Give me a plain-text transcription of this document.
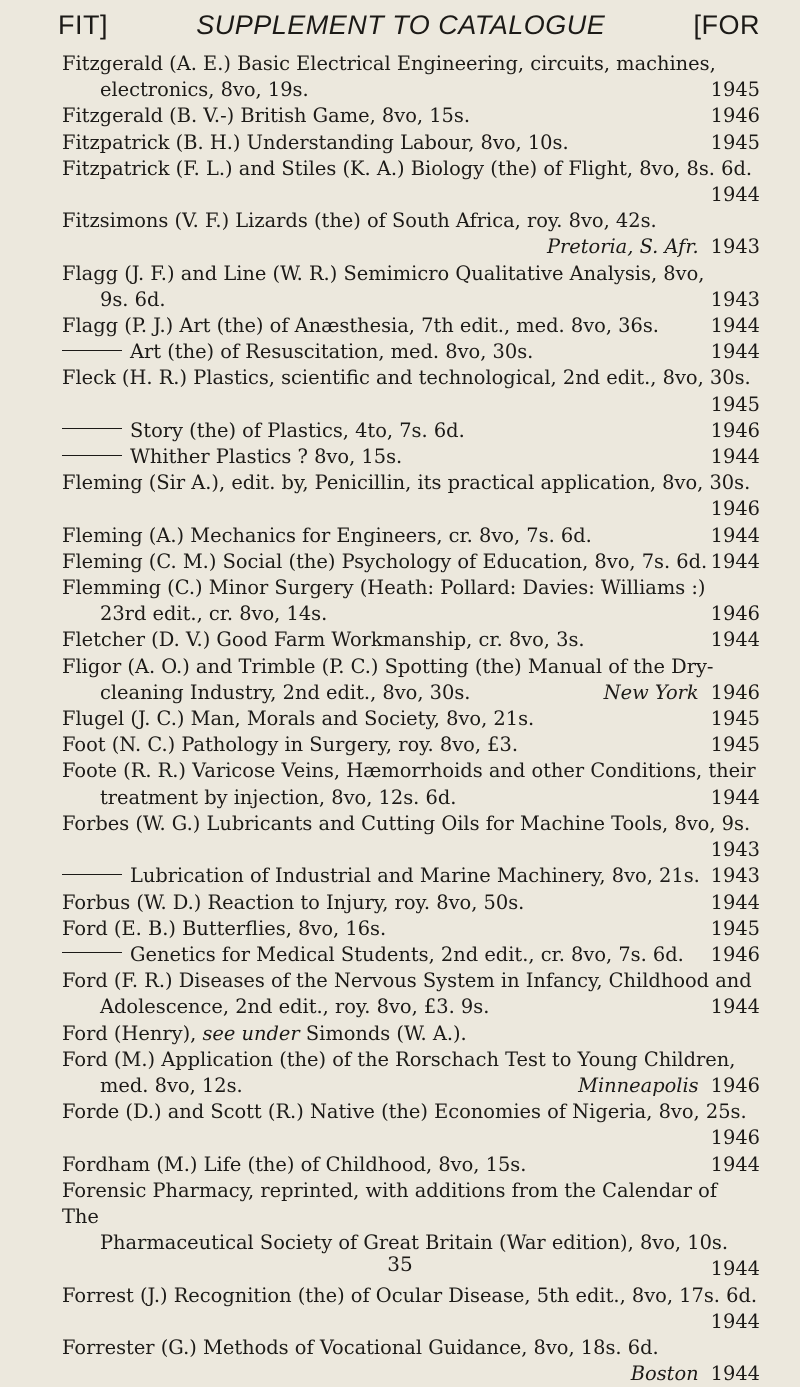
FIT]	SUPPLEMENT TO CATALOGUE	[FOR
Fitzgerald (A. E.) Basic Electrical Engineering, circuits, machines,
electronics, 8vo, 19s.	1945
Fitzgerald (B. V.-) British Game, 8vo, 15s.	1946
Fitzpatrick (B. H.) Understanding Labour, 8vo, 10s.	1945
Fitzpatrick (F. L.) and Stiles (K. A.) Biology (the) of Flight, 8vo, 8s. 6d.
1944
Fitzsimons (V. F.) Lizards (the) of South Africa, roy. 8vo, 42s.
Pretoria, S. Afr. 1943
Flagg (J. F.) and Line (W. R.) Semimicro Qualitative Analysis, 8vo,
9s. 6d.	1943
Flagg (P. J.) Art (the) of Anæsthesia, 7th edit., med. 8vo, 36s.	1944
Art (the) of Resuscitation, med. 8vo, 30s.	1944
Fleck (H. R.) Plastics, scientific and technological, 2nd edit., 8vo, 30s.
1945
Story (the) of Plastics, 4to, 7s. 6d.	1946
Whither Plastics ? 8vo, 15s.	1944
Fleming (Sir A.), edit. by, Penicillin, its practical application, 8vo, 30s.
1946
Fleming (A.) Mechanics for Engineers, cr. 8vo, 7s. 6d.	1944
Fleming (C. M.) Social (the) Psychology of Education, 8vo, 7s. 6d. 1944
Flemming (C.) Minor Surgery (Heath: Pollard: Davies: Williams :)
23rd edit., cr. 8vo, 14s.	1946
Fletcher (D. V.) Good Farm Workmanship, cr. 8vo, 3s.	1944
Fligor (A. O.) and Trimble (P. C.) Spotting (the) Manual of the Dry-
cleaning Industry, 2nd edit., 8vo, 30s.	New York 1946
Flugel (J. C.) Man, Morals and Society, 8vo, 21s.	1945
Foot (N. C.) Pathology in Surgery, roy. 8vo, £3.	1945
Foote (R. R.) Varicose Veins, Hæmorrhoids and other Conditions, their
treatment by injection, 8vo, 12s. 6d.	1944
Forbes (W. G.) Lubricants and Cutting Oils for Machine Tools, 8vo, 9s.
1943
Lubrication of Industrial and Marine Machinery, 8vo, 21s. 1943
Forbus (W. D.) Reaction to Injury, roy. 8vo, 50s.	1944
Ford (E. B.) Butterflies, 8vo, 16s.	1945
Genetics for Medical Students, 2nd edit., cr. 8vo, 7s. 6d. 1946
Ford (F. R.) Diseases of the Nervous System in Infancy, Childhood and
Adolescence, 2nd edit., roy. 8vo, £3. 9s.	1944
Ford (Henry), see under Simonds (W. A.).
Ford (M.) Application (the) of the Rorschach Test to Young Children,
med. 8vo, 12s.	Minneapolis 1946
Forde (D.) and Scott (R.) Native (the) Economies of Nigeria, 8vo, 25s.
1946
Fordham (M.) Life (the) of Childhood, 8vo, 15s.	1944
Forensic Pharmacy, reprinted, with additions from the Calendar of The
Pharmaceutical Society of Great Britain (War edition), 8vo, 10s.
1944
Forrest (J.) Recognition (the) of Ocular Disease, 5th edit., 8vo, 17s. 6d.
1944
Forrester (G.) Methods of Vocational Guidance, 8vo, 18s. 6d.
Boston 1944
35
